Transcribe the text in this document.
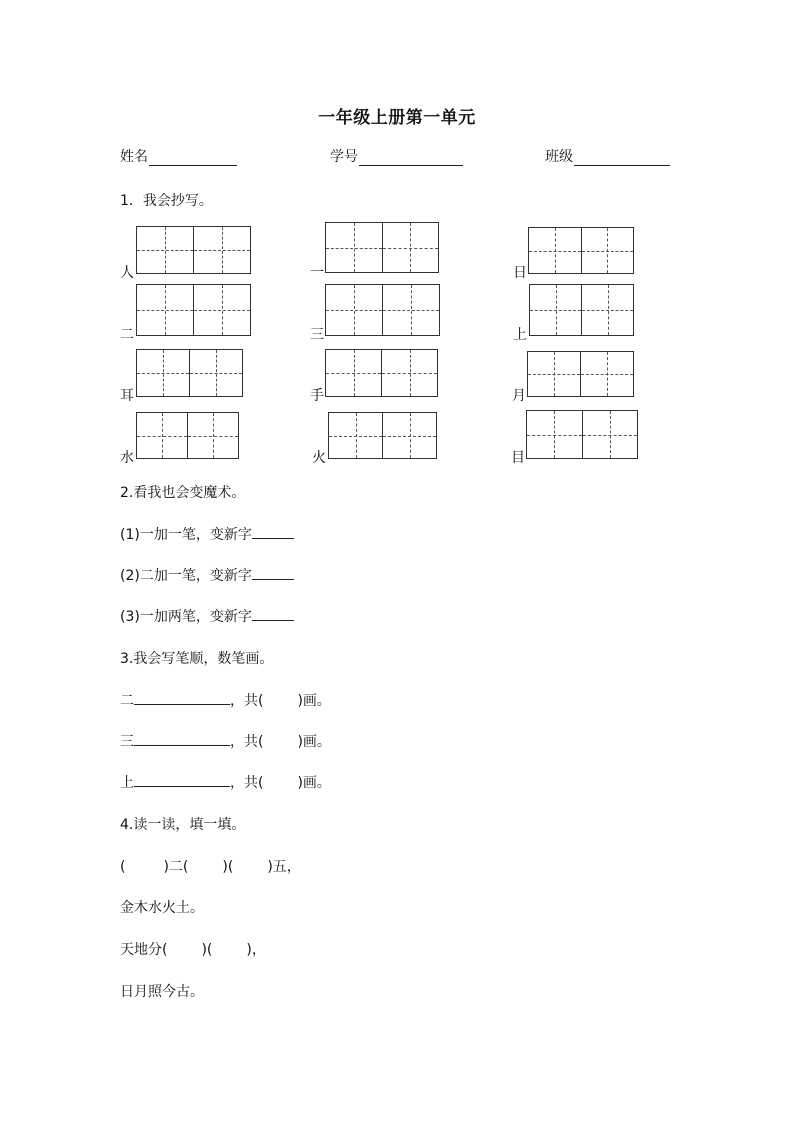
一年级上册第一单元
姓名	学号	班级
1．我会抄写。
人	一	日
二	三	上
耳	手	月
水	火	目
2.看我也会变魔术。
(1)一加一笔，变新字
(2)二加一笔，变新字
(3)一加两笔，变新字
3.我会写笔顺，数笔画。
二	，共( )画。
三	，共( )画。
上	，共( )画。
4.读一读，填一填。
(	)二( )( )五，
金木水火土。
天地分( )( )，
日月照今古。
